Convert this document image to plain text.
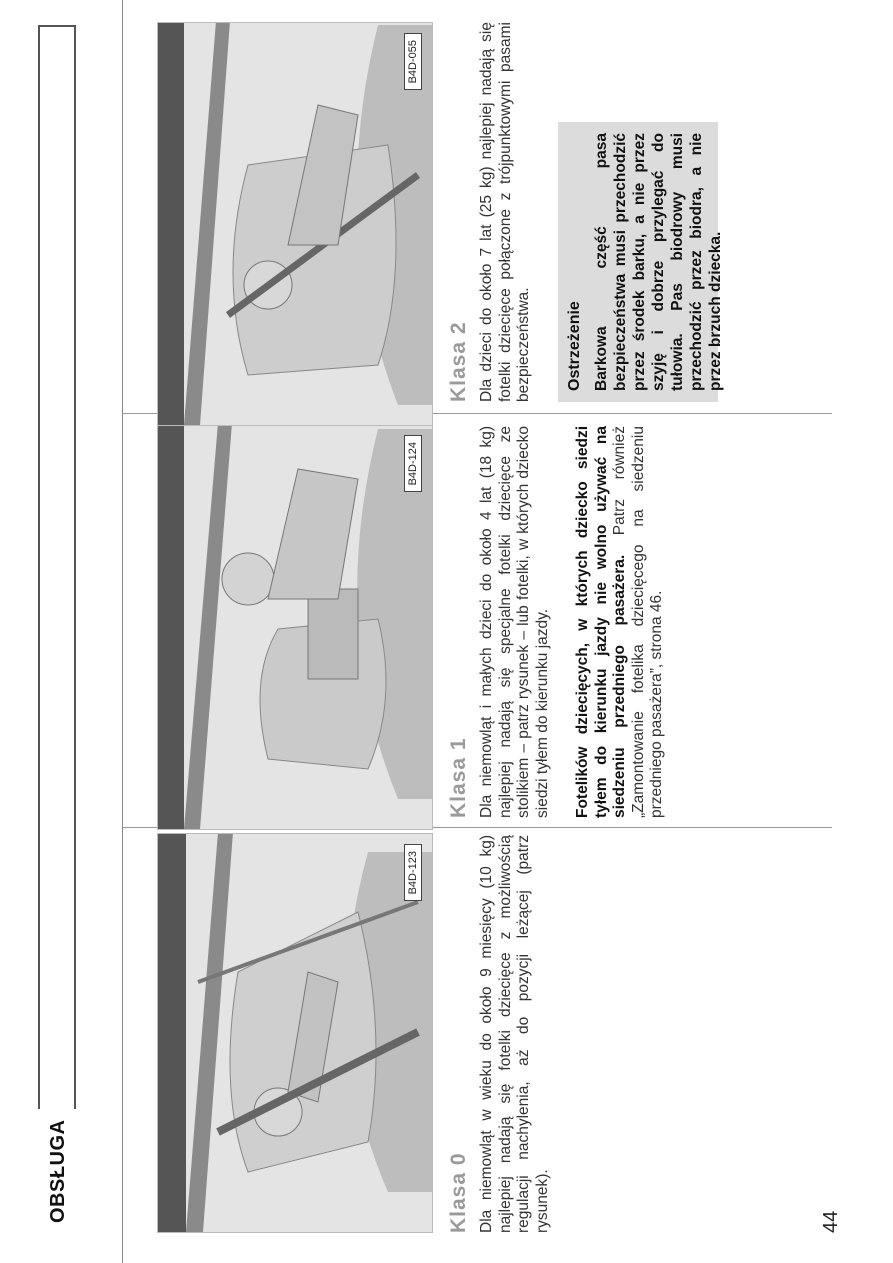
OBSŁUGA
B4D-123
B4D-124
B4D-055
Klasa 0 Dla niemowląt w wieku do około 9 miesięcy (10 kg) najlepiej nadają się fotelki dziecięce z możliwością regulacji nachylenia, aż do pozycji leżącej (patrz rysunek).

Klasa 1 Dla niemowląt i małych dzieci do około 4 lat (18 kg) najlepiej nadają się specjalne fotelki dziecięce ze stolikiem – patrz rysunek – lub fotelki, w których dziecko siedzi tyłem do kierunku jazdy. Fotelików dziecięcych, w których dziecko siedzi tyłem do kierunku jazdy nie wolno używać na siedzeniu przedniego pasażera. Patrz również „Zamontowanie fotelika dziecięcego na siedzeniu przedniego pasażera”, strona 46.

Klasa 2 Dla dzieci do około 7 lat (25 kg) najlepiej nadają się fotelki dziecięce połączone z trójpunktowymi pasami bezpieczeństwa. Ostrzeżenie Barkowa część pasa bezpieczeństwa musi przechodzić przez środek barku, a nie przez szyję i dobrze przylegać do tułowia. Pas biodrowy musi przechodzić przez biodra, a nie przez brzuch dziecka.

44
